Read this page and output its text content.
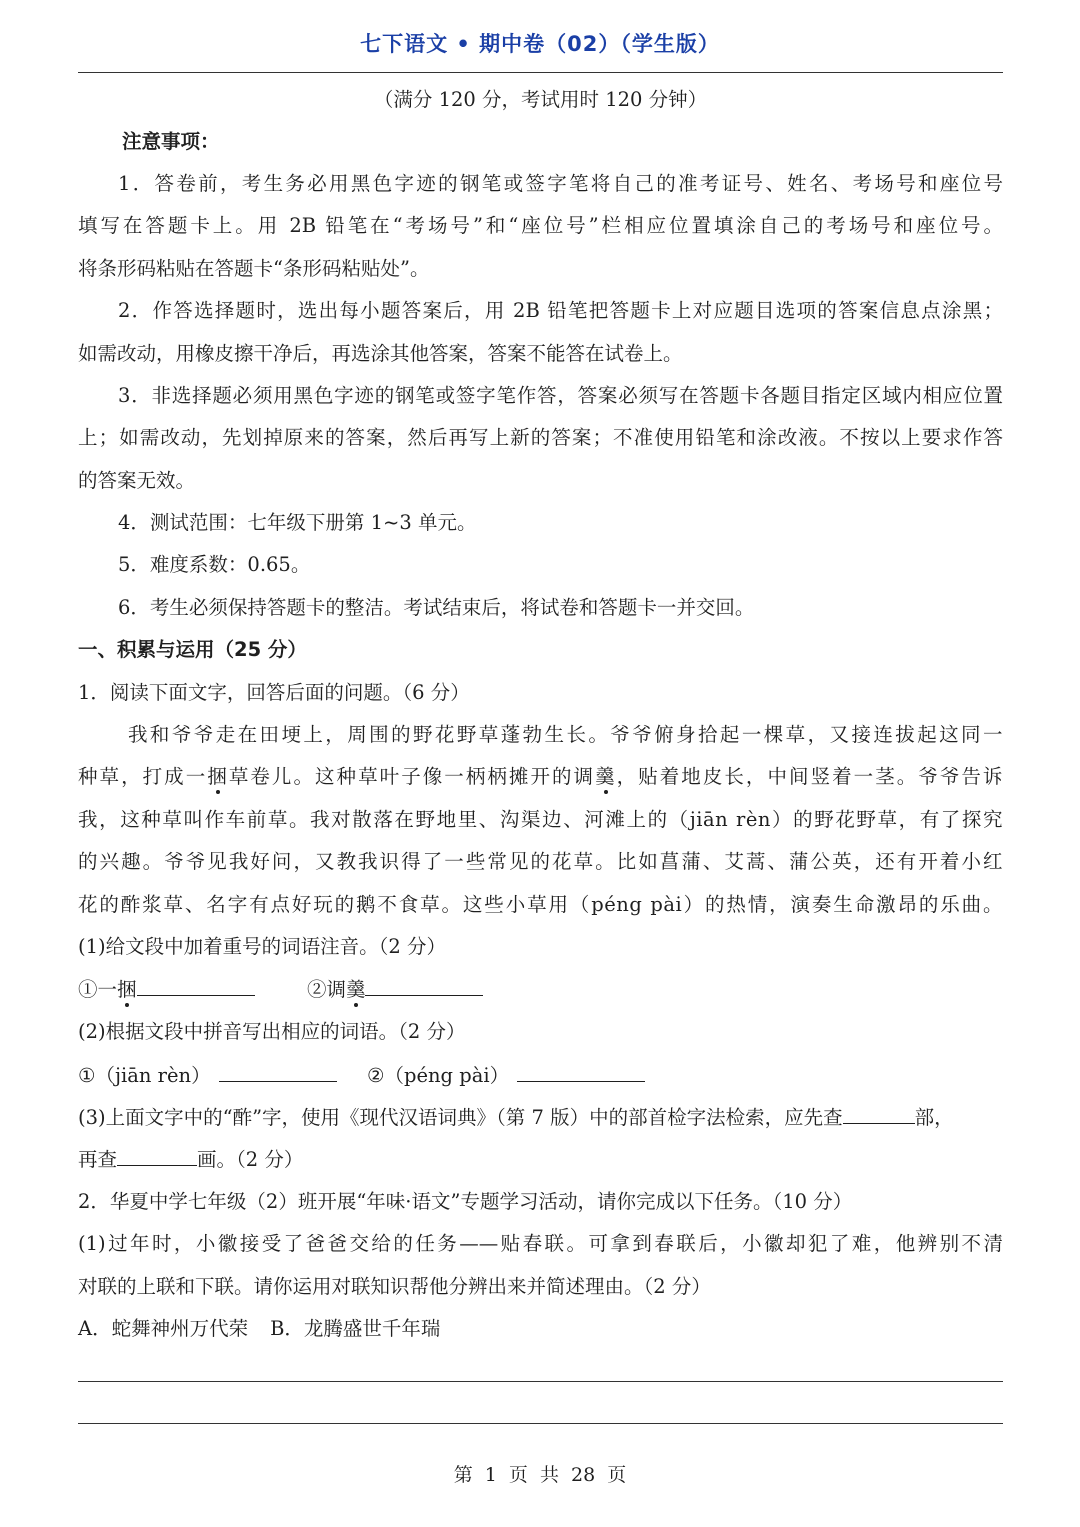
七下语文 • 期中卷（02）（学生版）
（满分 120 分，考试用时 120 分钟）
注意事项：
1．答卷前，考生务必用黑色字迹的钢笔或签字笔将自己的准考证号、姓名、考场号和座位号
填写在答题卡上。用 2B 铅笔在“考场号”和“座位号”栏相应位置填涂自己的考场号和座位号。
将条形码粘贴在答题卡“条形码粘贴处”。
2．作答选择题时，选出每小题答案后，用 2B 铅笔把答题卡上对应题目选项的答案信息点涂黑；
如需改动，用橡皮擦干净后，再选涂其他答案，答案不能答在试卷上。
3．非选择题必须用黑色字迹的钢笔或签字笔作答，答案必须写在答题卡各题目指定区域内相应位置
上；如需改动，先划掉原来的答案，然后再写上新的答案；不准使用铅笔和涂改液。不按以上要求作答
的答案无效。
4．测试范围：七年级下册第 1~3 单元。
5．难度系数：0.65。
6．考生必须保持答题卡的整洁。考试结束后，将试卷和答题卡一并交回。
一、积累与运用（25 分）
1．阅读下面文字，回答后面的问题。（6 分）
我和爷爷走在田埂上，周围的野花野草蓬勃生长。爷爷俯身拾起一棵草，又接连拔起这同一
种草，打成一捆草卷儿。这种草叶子像一柄柄摊开的调羹，贴着地皮长，中间竖着一茎。爷爷告诉
我，这种草叫作车前草。我对散落在野地里、沟渠边、河滩上的（jiān rèn）的野花野草，有了探究
的兴趣。爷爷见我好问，又教我识得了一些常见的花草。比如菖蒲、艾蒿、蒲公英，还有开着小红
花的酢浆草、名字有点好玩的鹅不食草。这些小草用（péng pài）的热情，演奏生命激昂的乐曲。
(1)给文段中加着重号的词语注音。（2 分）
①一捆	②调羹
(2)根据文段中拼音写出相应的词语。（2 分）
①（jiān rèn）	②（péng pài）
(3)上面文字中的“酢”字，使用《现代汉语词典》（第 7 版）中的部首检字法检索，应先查	部，
再查	画。（2 分）
2．华夏中学七年级（2）班开展“年味·语文”专题学习活动，请你完成以下任务。（10 分）
(1)过年时，小徽接受了爸爸交给的任务——贴春联。可拿到春联后，小徽却犯了难，他辨别不清
对联的上联和下联。请你运用对联知识帮他分辨出来并简述理由。（2 分）
A．蛇舞神州万代荣 B．龙腾盛世千年瑞
第 1 页 共 28 页
